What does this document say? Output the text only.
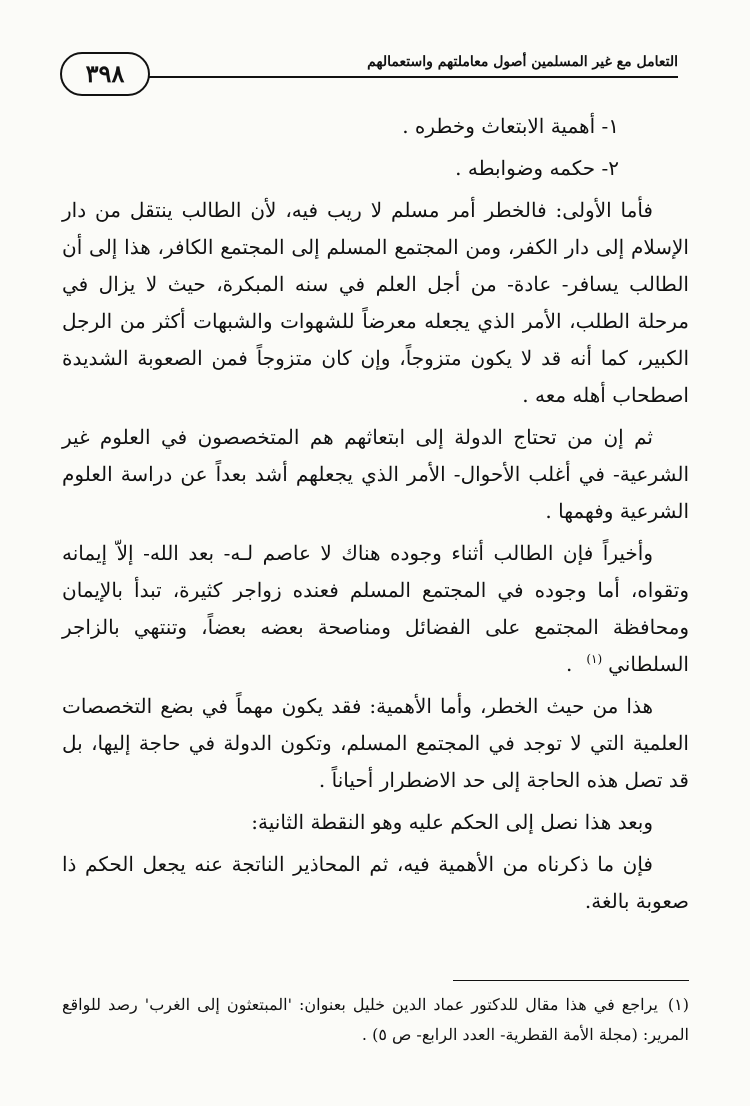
التعامل مع غير المسلمين أصول معاملتهم واستعمالهم
٣٩٨

١- أهمية الابتعاث وخطره .

٢- حكمه وضوابطه .

فأما الأولى: فالخطر أمر مسلم لا ريب فيه، لأن الطالب ينتقل من دار الإسلام إلى دار الكفر، ومن المجتمع المسلم إلى المجتمع الكافر، هذا إلى أن الطالب يسافر- عادة- من أجل العلم في سنه المبكرة، حيث لا يزال في مرحلة الطلب، الأمر الذي يجعله معرضاً للشهوات والشبهات أكثر من الرجل الكبير، كما أنه قد لا يكون متزوجاً، وإن كان متزوجاً فمن الصعوبة الشديدة اصطحاب أهله معه .

ثم إن من تحتاج الدولة إلى ابتعاثهم هم المتخصصون في العلوم غير الشرعية- في أغلب الأحوال- الأمر الذي يجعلهم أشد بعداً عن دراسة العلوم الشرعية وفهمها .

وأخيراً فإن الطالب أثناء وجوده هناك لا عاصم لـه- بعد الله- إلاّ إيمانه وتقواه، أما وجوده في المجتمع المسلم فعنده زواجر كثيرة، تبدأ بالإيمان ومحافظة المجتمع على الفضائل ومناصحة بعضه بعضاً، وتنتهي بالزاجر السلطاني$^{(١)}$.

هذا من حيث الخطر، وأما الأهمية: فقد يكون مهماً في بضع التخصصات العلمية التي لا توجد في المجتمع المسلم، وتكون الدولة في حاجة إليها، بل قد تصل هذه الحاجة إلى حد الاضطرار أحياناً .

وبعد هذا نصل إلى الحكم عليه وهو النقطة الثانية:

فإن ما ذكرناه من الأهمية فيه، ثم المحاذير الناتجة عنه يجعل الحكم ذا صعوبة بالغة.

(١)يراجع في هذا مقال للدكتور عماد الدين خليل بعنوان: 'المبتعثون إلى الغرب' رصد للواقع المرير: (مجلة الأمة القطرية- العدد الرابع- ص ٥) .
